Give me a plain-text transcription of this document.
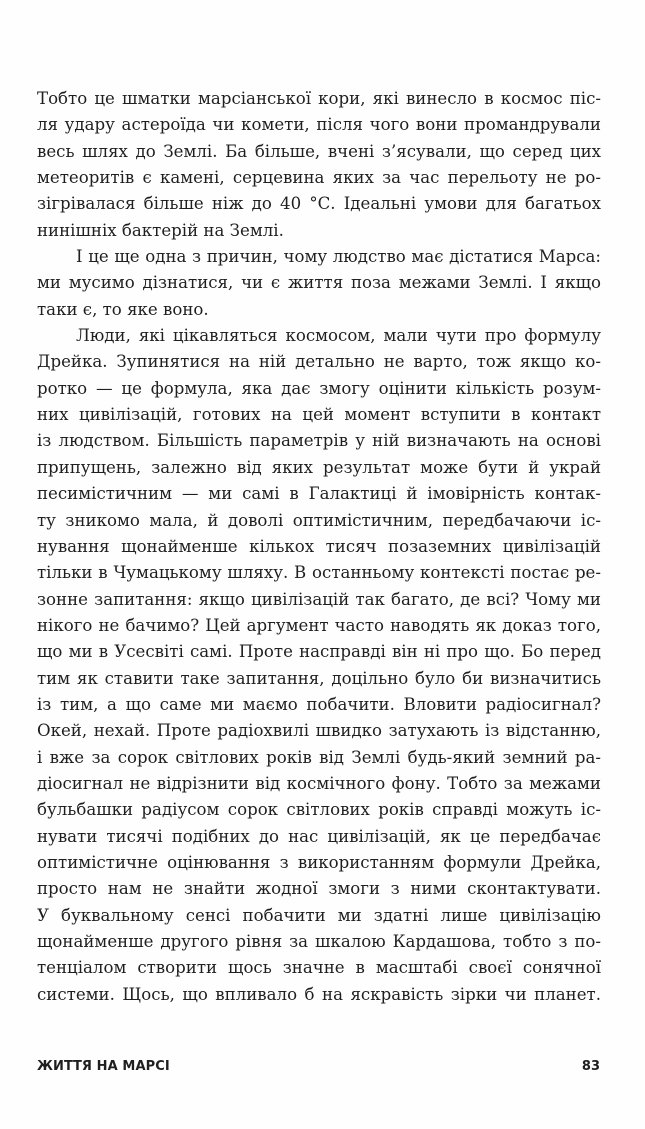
Тобто це шматки марсіанської кори, які винесло в космос піс-
ля удару астероїда чи комети, після чого вони промандрували
весь шлях до Землі. Ба більше, вчені з’ясували, що серед цих
метеоритів є камені, серцевина яких за час перельоту не ро-
зігрівалася більше ніж до 40 °С. Ідеальні умови для багатьох
нинішніх бактерій на Землі.
І це ще одна з причин, чому людство має дістатися Марса:
ми мусимо дізнатися, чи є життя поза межами Землі. І якщо
таки є, то яке воно.
Люди, які цікавляться космосом, мали чути про формулу
Дрейка. Зупинятися на ній детально не варто, тож якщо ко-
ротко — це формула, яка дає змогу оцінити кількість розум-
них цивілізацій, готових на цей момент вступити в контакт
із людством. Більшість параметрів у ній визначають на основі
припущень, залежно від яких результат може бути й украй
песимістичним — ми самі в Галактиці й імовірність контак-
ту зникомо мала, й доволі оптимістичним, передбачаючи іс-
нування щонайменше кількох тисяч позаземних цивілізацій
тільки в Чумацькому шляху. В останньому контексті постає ре-
зонне запитання: якщо цивілізацій так багато, де всі? Чому ми
нікого не бачимо? Цей аргумент часто наводять як доказ того,
що ми в Усесвіті самі. Проте насправді він ні про що. Бо перед
тим як ставити таке запитання, доцільно було би визначитись
із тим, а що саме ми маємо побачити. Вловити радіосигнал?
Окей, нехай. Проте радіохвилі швидко затухають із відстанню,
і вже за сорок світлових років від Землі будь-який земний ра-
діосигнал не відрізнити від космічного фону. Тобто за межами
бульбашки радіусом сорок світлових років справді можуть іс-
нувати тисячі подібних до нас цивілізацій, як це передбачає
оптимістичне оцінювання з використанням формули Дрейка,
просто нам не знайти жодної змоги з ними сконтактувати.
У буквальному сенсі побачити ми здатні лише цивілізацію
щонайменше другого рівня за шкалою Кардашова, тобто з по-
тенціалом створити щось значне в масштабі своєї сонячної
системи. Щось, що впливало б на яскравість зірки чи планет.
ЖИТТЯ НА МАРСІ	83
